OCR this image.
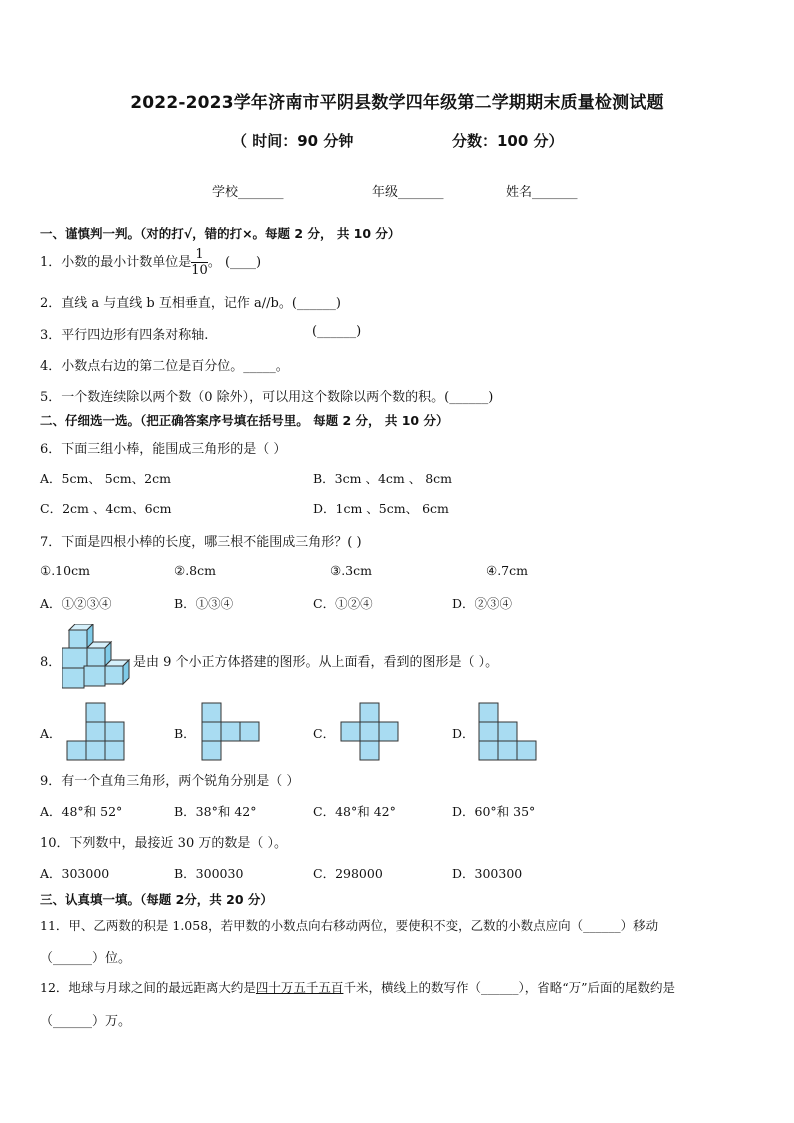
2022-2023学年济南市平阴县数学四年级第二学期期末质量检测试题
（ 时间：90 分钟	分数：100 分）
学校_______	年级_______	姓名_______
一、谨慎判一判。（对的打√，错的打×。每题 2 分， 共 10 分）
1．小数的最小计数单位是 $\frac{1}{10}$ 。 (____)
2．直线 a 与直线 b 互相垂直，记作 a//b。(______)
3．平行四边形有四条对称轴.	(______)
4．小数点右边的第二位是百分位。_____。
5．一个数连续除以两个数（0 除外），可以用这个数除以两个数的积。(______)
二、仔细选一选。（把正确答案序号填在括号里。 每题 2 分， 共 10 分）
6．下面三组小棒，能围成三角形的是（ ）
A．5cm、 5cm、2cm	B．3cm 、4cm 、 8cm
C．2cm 、4cm、6cm	D．1cm 、5cm、 6cm
7．下面是四根小棒的长度，哪三根不能围成三角形？( )
①.10cm	②.8cm	③.3cm	④.7cm
A．①②③④	B．①③④	C．①②④	D．②③④
8．	是由 9 个小正方体搭建的图形。从上面看，看到的图形是（ ）。
A．	B．	C．	D．
9．有一个直角三角形，两个锐角分别是（ ）
A．48°和 52°	B．38°和 42°	C．48°和 42°	D．60°和 35°
10．下列数中，最接近 30 万的数是（ ）。
A．303000	B．300030	C．298000	D．300300
三、认真填一填。（每题 2分，共 20 分）
11．甲、乙两数的积是 1.058，若甲数的小数点向右移动两位，要使积不变，乙数的小数点应向（______）移动
（______）位。
12．地球与月球之间的最远距离大约是四十万五千五百千米，横线上的数写作（______），省略“万”后面的尾数约是
（______）万。
